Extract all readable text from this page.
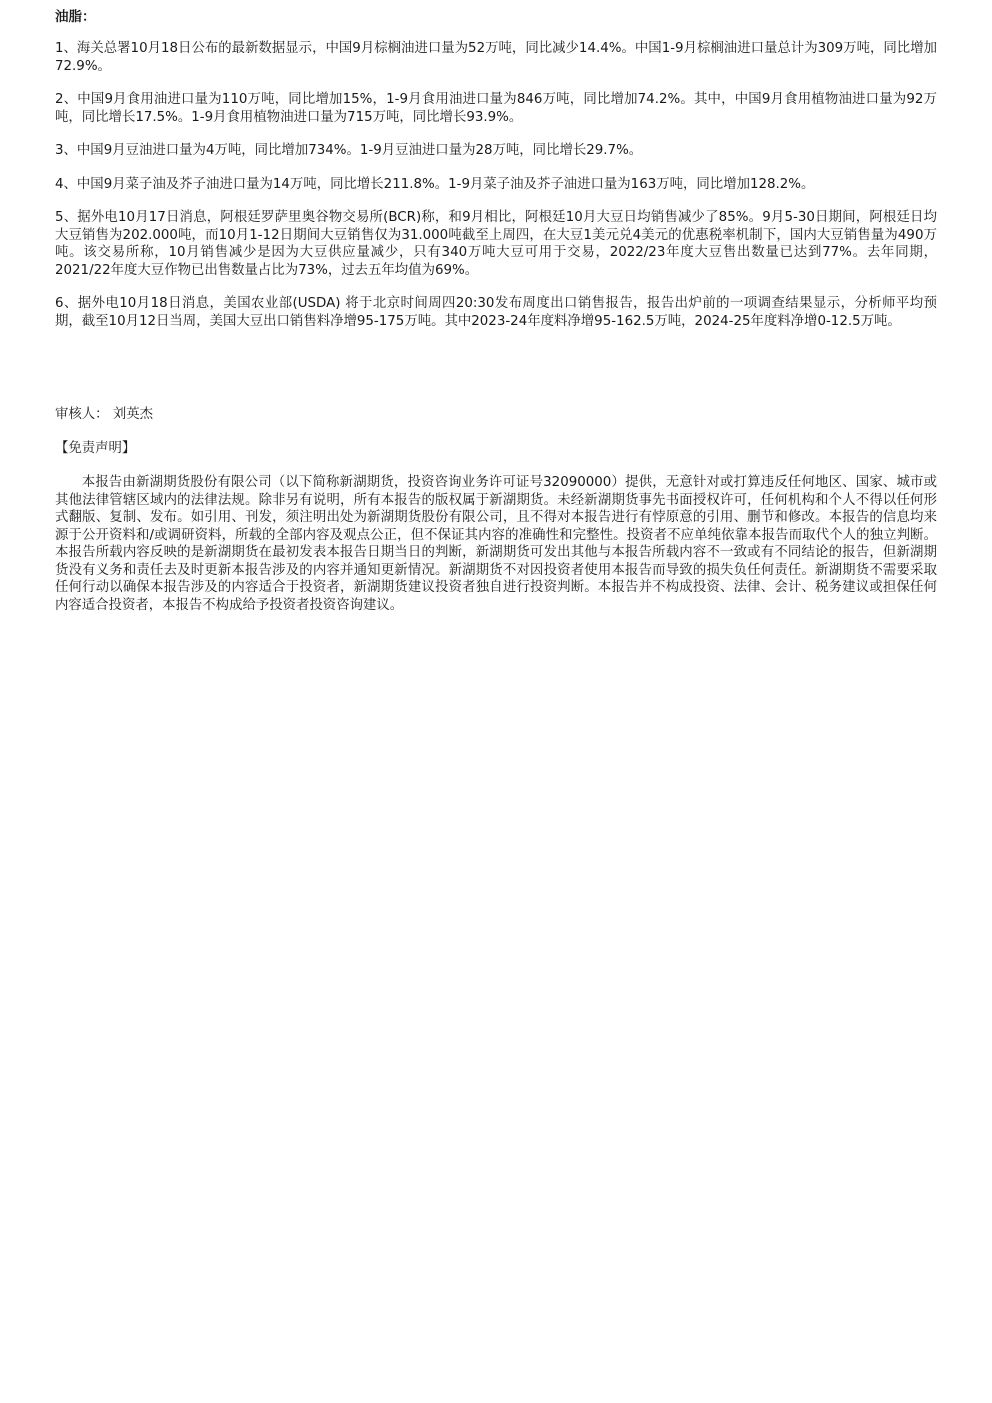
油脂：

1、海关总署10月18日公布的最新数据显示，中国9月棕榈油进口量为52万吨，同比减少14.4%。中国1-9月棕榈油进口量总计为309万吨，同比增加72.9%。

2、中国9月食用油进口量为110万吨，同比增加15%，1-9月食用油进口量为846万吨，同比增加74.2%。其中，中国9月食用植物油进口量为92万吨，同比增长17.5%。1-9月食用植物油进口量为715万吨，同比增长93.9%。

3、中国9月豆油进口量为4万吨，同比增加734%。1-9月豆油进口量为28万吨，同比增长29.7%。

4、中国9月菜子油及芥子油进口量为14万吨，同比增长211.8%。1-9月菜子油及芥子油进口量为163万吨，同比增加128.2%。

5、据外电10月17日消息，阿根廷罗萨里奥谷物交易所(BCR)称，和9月相比，阿根廷10月大豆日均销售减少了85%。9月5-30日期间，阿根廷日均大豆销售为202.000吨，而10月1-12日期间大豆销售仅为31.000吨截至上周四，在大豆1美元兑4美元的优惠税率机制下，国内大豆销售量为490万吨。该交易所称，10月销售减少是因为大豆供应量减少，只有340万吨大豆可用于交易，2022/23年度大豆售出数量已达到77%。去年同期，2021/22年度大豆作物已出售数量占比为73%，过去五年均值为69%。

6、据外电10月18日消息，美国农业部(USDA) 将于北京时间周四20:30发布周度出口销售报告，报告出炉前的一项调查结果显示，分析师平均预期，截至10月12日当周，美国大豆出口销售料净增95-175万吨。其中2023-24年度料净增95-162.5万吨，2024-25年度料净增0-12.5万吨。

审核人： 刘英杰
【免责声明】

本报告由新湖期货股份有限公司（以下简称新湖期货，投资咨询业务许可证号32090000）提供，无意针对或打算违反任何地区、国家、城市或其他法律管辖区域内的法律法规。除非另有说明，所有本报告的版权属于新湖期货。未经新湖期货事先书面授权许可，任何机构和个人不得以任何形式翻版、复制、发布。如引用、刊发，须注明出处为新湖期货股份有限公司，且不得对本报告进行有悖原意的引用、删节和修改。本报告的信息均来源于公开资料和/或调研资料，所载的全部内容及观点公正，但不保证其内容的准确性和完整性。投资者不应单纯依靠本报告而取代个人的独立判断。本报告所载内容反映的是新湖期货在最初发表本报告日期当日的判断，新湖期货可发出其他与本报告所载内容不一致或有不同结论的报告，但新湖期货没有义务和责任去及时更新本报告涉及的内容并通知更新情况。新湖期货不对因投资者使用本报告而导致的损失负任何责任。新湖期货不需要采取任何行动以确保本报告涉及的内容适合于投资者，新湖期货建议投资者独自进行投资判断。本报告并不构成投资、法律、会计、税务建议或担保任何内容适合投资者，本报告不构成给予投资者投资咨询建议。
